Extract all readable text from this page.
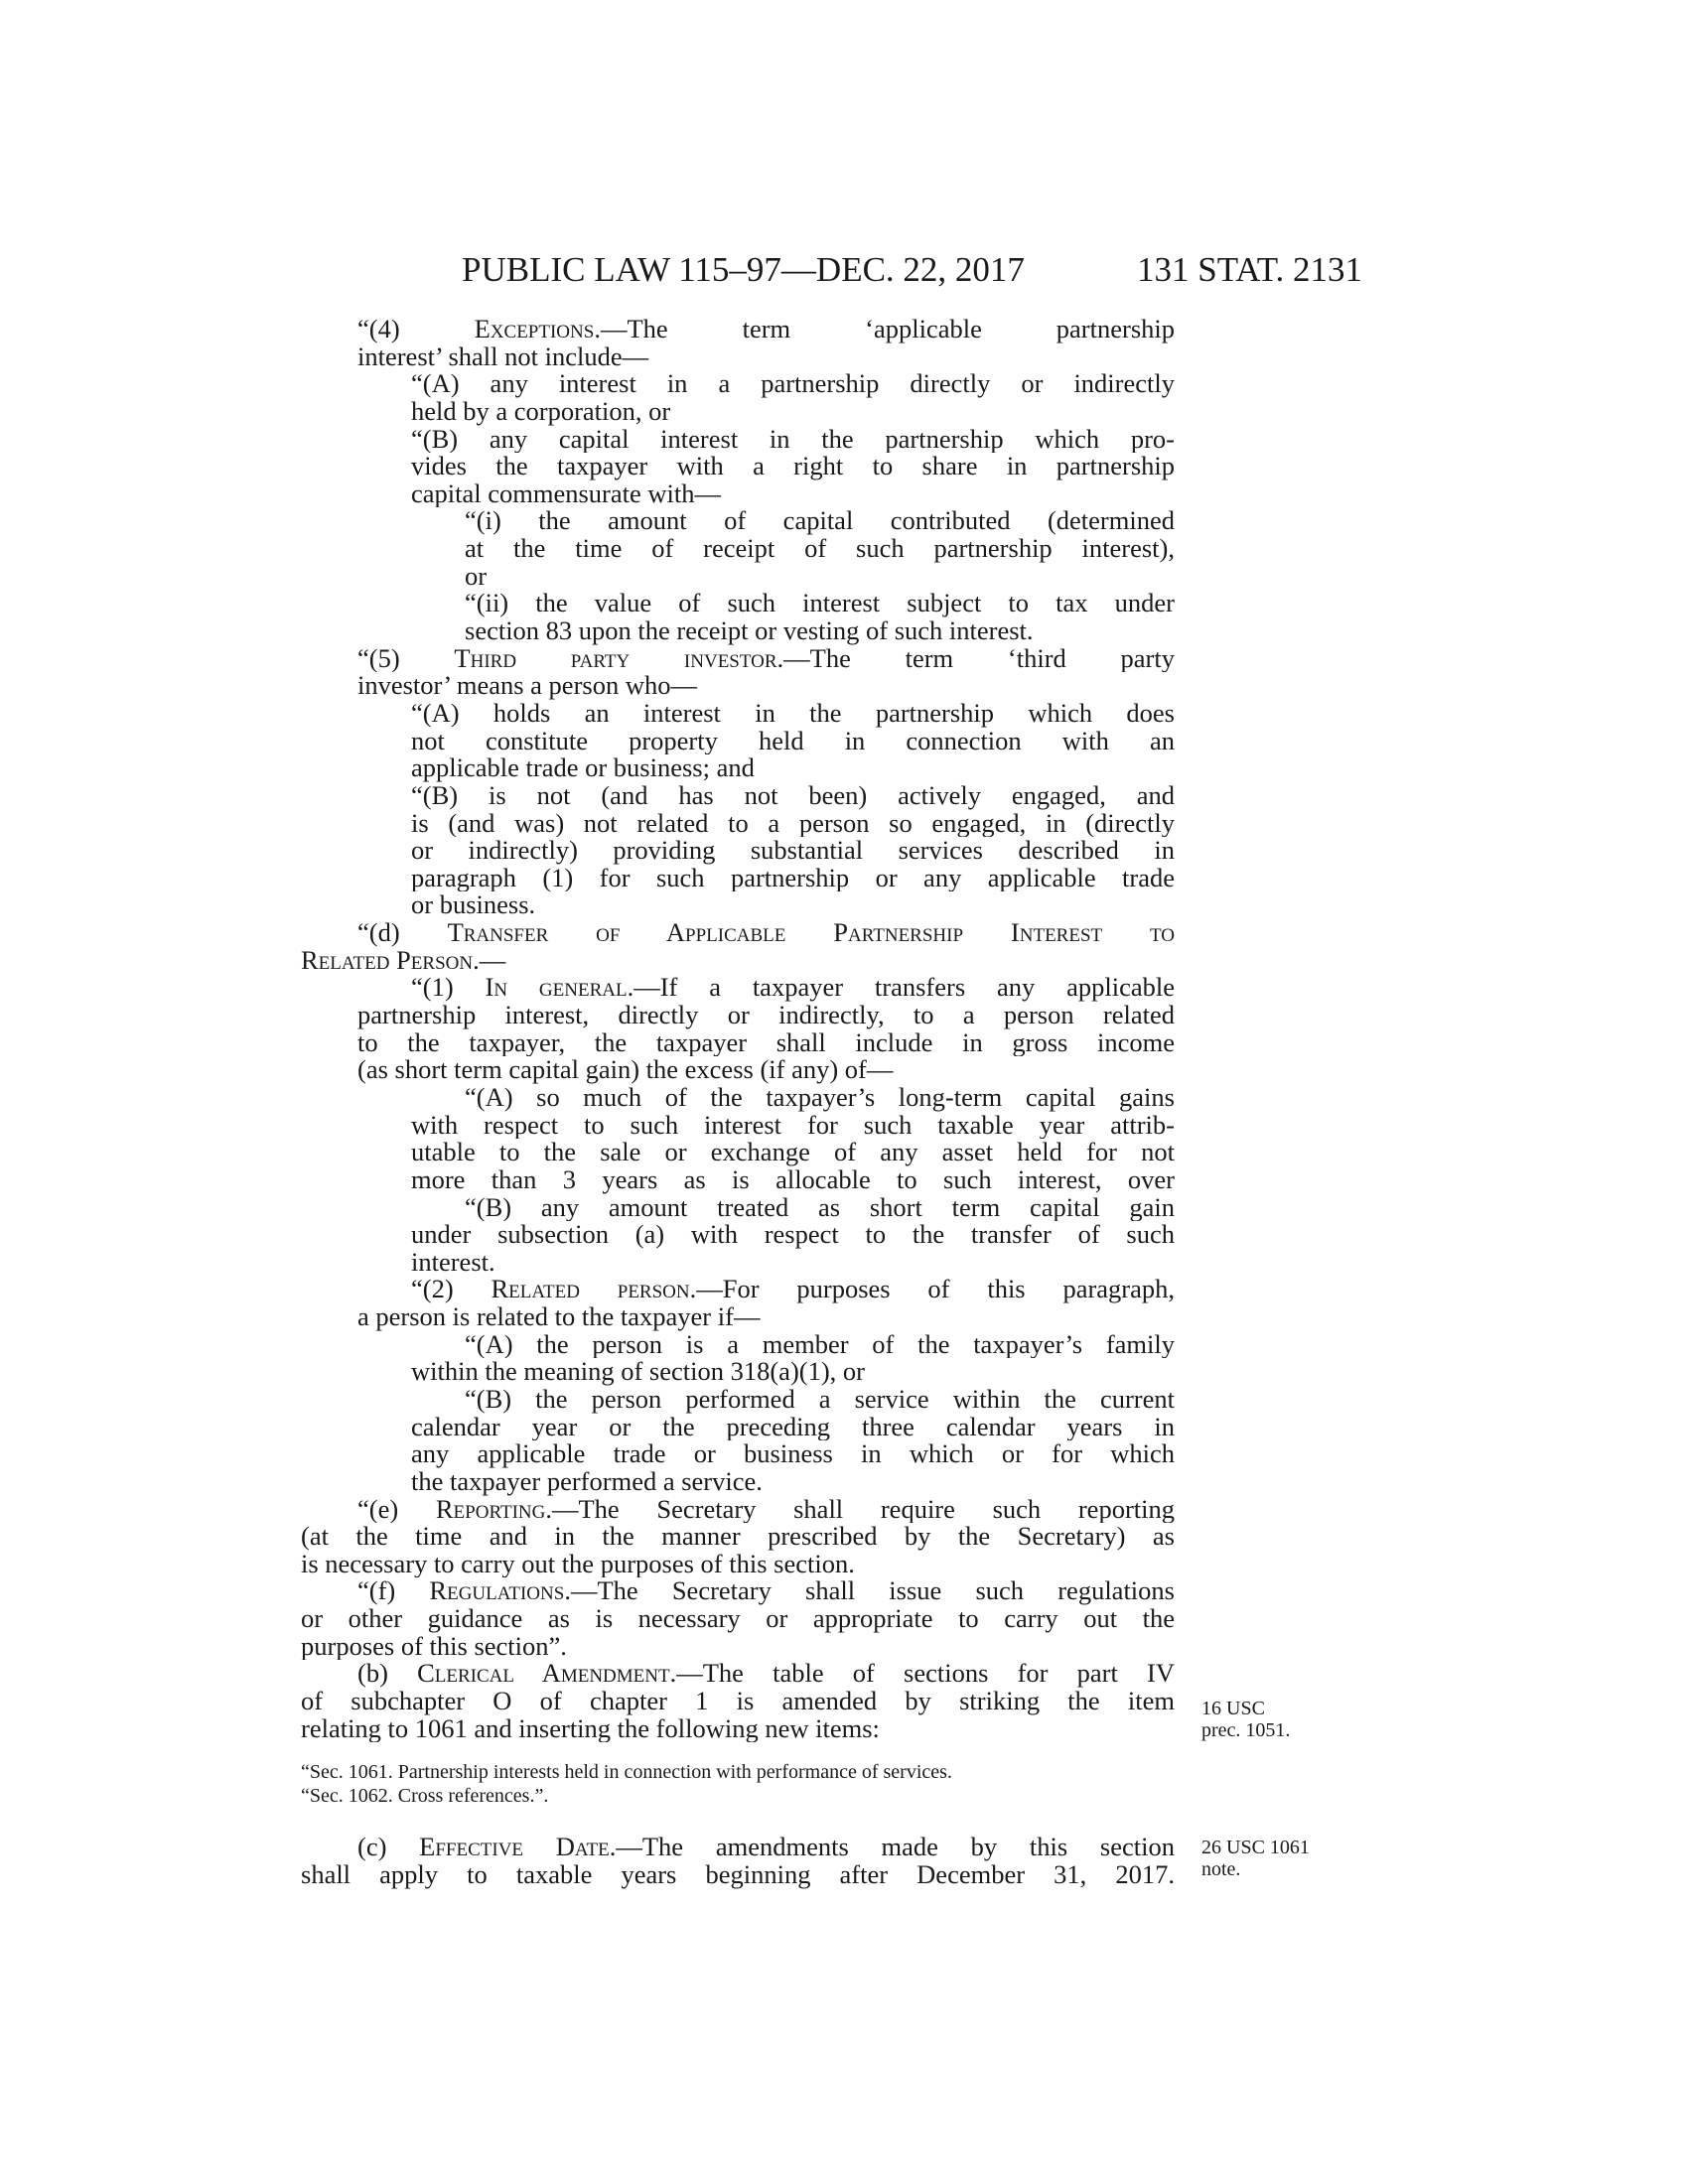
PUBLIC LAW 115–97—DEC. 22, 2017	131 STAT. 2131
“(4) Exceptions.—The term ‘applicable partnership
interest’ shall not include—
“(A) any interest in a partnership directly or indirectly
held by a corporation, or
“(B) any capital interest in the partnership which pro-
vides the taxpayer with a right to share in partnership
capital commensurate with—
“(i) the amount of capital contributed (determined
at the time of receipt of such partnership interest),
or
“(ii) the value of such interest subject to tax under
section 83 upon the receipt or vesting of such interest.
“(5) Third party investor.—The term ‘third party
investor’ means a person who—
“(A) holds an interest in the partnership which does
not constitute property held in connection with an
applicable trade or business; and
“(B) is not (and has not been) actively engaged, and
is (and was) not related to a person so engaged, in (directly
or indirectly) providing substantial services described in
paragraph (1) for such partnership or any applicable trade
or business.
“(d) Transfer of Applicable Partnership Interest to
Related Person.—
“(1) In general.—If a taxpayer transfers any applicable
partnership interest, directly or indirectly, to a person related
to the taxpayer, the taxpayer shall include in gross income
(as short term capital gain) the excess (if any) of—
“(A) so much of the taxpayer’s long-term capital gains
with respect to such interest for such taxable year attrib-
utable to the sale or exchange of any asset held for not
more than 3 years as is allocable to such interest, over
“(B) any amount treated as short term capital gain
under subsection (a) with respect to the transfer of such
interest.
“(2) Related person.—For purposes of this paragraph,
a person is related to the taxpayer if—
“(A) the person is a member of the taxpayer’s family
within the meaning of section 318(a)(1), or
“(B) the person performed a service within the current
calendar year or the preceding three calendar years in
any applicable trade or business in which or for which
the taxpayer performed a service.
“(e) Reporting.—The Secretary shall require such reporting
(at the time and in the manner prescribed by the Secretary) as
is necessary to carry out the purposes of this section.
“(f) Regulations.—The Secretary shall issue such regulations
or other guidance as is necessary or appropriate to carry out the
purposes of this section”.
(b) Clerical Amendment.—The table of sections for part IV
of subchapter O of chapter 1 is amended by striking the item
relating to 1061 and inserting the following new items:
“Sec. 1061. Partnership interests held in connection with performance of services.
“Sec. 1062. Cross references.”.
(c) Effective Date.—The amendments made by this section
shall apply to taxable years beginning after December 31, 2017.
16 USC
prec. 1051.
26 USC 1061
note.
